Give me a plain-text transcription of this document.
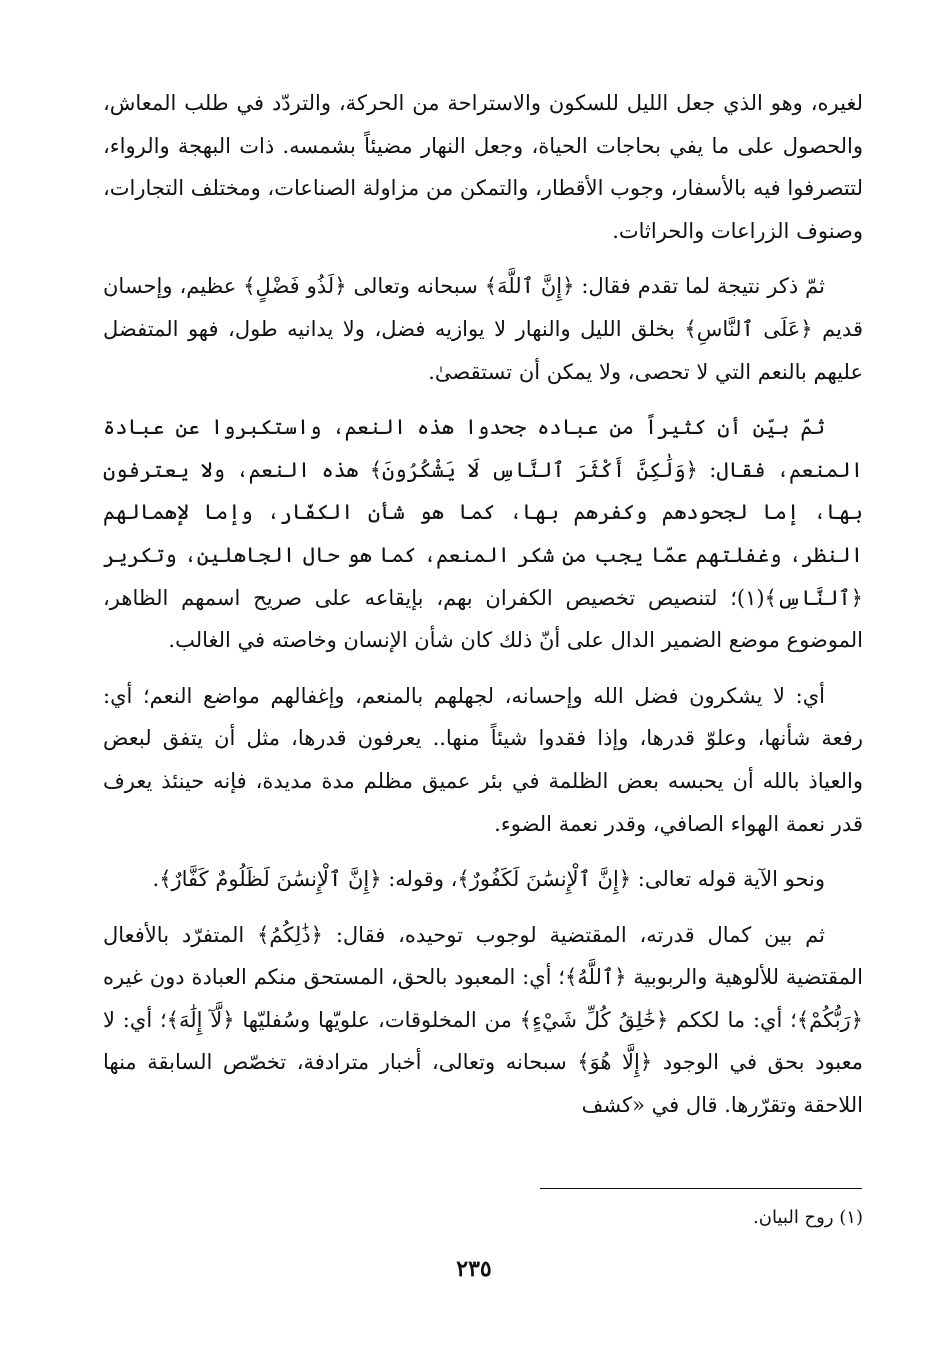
لغيره، وهو الذي جعل الليل للسكون والاستراحة من الحركة، والتردّد في طلب المعاش، والحصول على ما يفي بحاجات الحياة، وجعل النهار مضيئاً بشمسه. ذات البهجة والرواء، لتتصرفوا فيه بالأسفار، وجوب الأقطار، والتمكن من مزاولة الصناعات، ومختلف التجارات، وصنوف الزراعات والحراثات.

ثمّ ذكر نتيجة لما تقدم فقال: ﴿إِنَّ ٱللَّهَ﴾ سبحانه وتعالى ﴿لَذُو فَضْلٍ﴾ عظيم، وإحسان قديم ﴿عَلَى ٱلنَّاسِ﴾ بخلق الليل والنهار لا يوازيه فضل، ولا يدانيه طول، فهو المتفضل عليهم بالنعم التي لا تحصى، ولا يمكن أن تستقصىٰ.

ثمّ بيّن أن كثيراً من عباده جحدوا هذه النعم، واستكبروا عن عبادة المنعم، فقال: ﴿وَلَٰكِنَّ أَكْثَرَ ٱلنَّاسِ لَا يَشْكُرُونَ﴾ هذه النعم، ولا يعترفون بها، إما لجحودهم وكفرهم بها، كما هو شأن الكفّار، وإما لإهمالهم النظر، وغفلتهم عمّا يجب من شكر المنعم، كما هو حال الجاهلين، وتكرير ﴿ٱلنَّاسِ﴾(١)؛ لتنصيص تخصيص الكفران بهم، بإيقاعه على صريح اسمهم الظاهر، الموضوع موضع الضمير الدال على أنّ ذلك كان شأن الإنسان وخاصته في الغالب.

أي: لا يشكرون فضل الله وإحسانه، لجهلهم بالمنعم، وإغفالهم مواضع النعم؛ أي: رفعة شأنها، وعلوّ قدرها، وإذا فقدوا شيئاً منها.. يعرفون قدرها، مثل أن يتفق لبعض والعياذ بالله أن يحبسه بعض الظلمة في بئر عميق مظلم مدة مديدة، فإنه حينئذ يعرف قدر نعمة الهواء الصافي، وقدر نعمة الضوء.

ونحو الآية قوله تعالى: ﴿إِنَّ ٱلْإِنسَٰنَ لَكَفُورٌ﴾، وقوله: ﴿إِنَّ ٱلْإِنسَٰنَ لَظَلُومٌ كَفَّارٌ﴾.

ثم بين كمال قدرته، المقتضية لوجوب توحيده، فقال: ﴿ذَٰلِكُمُ﴾ المتفرّد بالأفعال المقتضية للألوهية والربوبية ﴿ٱللَّهُ﴾؛ أي: المعبود بالحق، المستحق منكم العبادة دون غيره ﴿رَبُّكُمْ﴾؛ أي: ما لككم ﴿خَٰلِقُ كُلِّ شَيْءٍ﴾ من المخلوقات، علويّها وسُفليّها ﴿لَّآ إِلَٰهَ﴾؛ أي: لا معبود بحق في الوجود ﴿إِلَّا هُوَ﴾ سبحانه وتعالى، أخبار مترادفة، تخصّص السابقة منها اللاحقة وتقرّرها. قال في «كشف

(١) روح البيان.
٢٣٥
